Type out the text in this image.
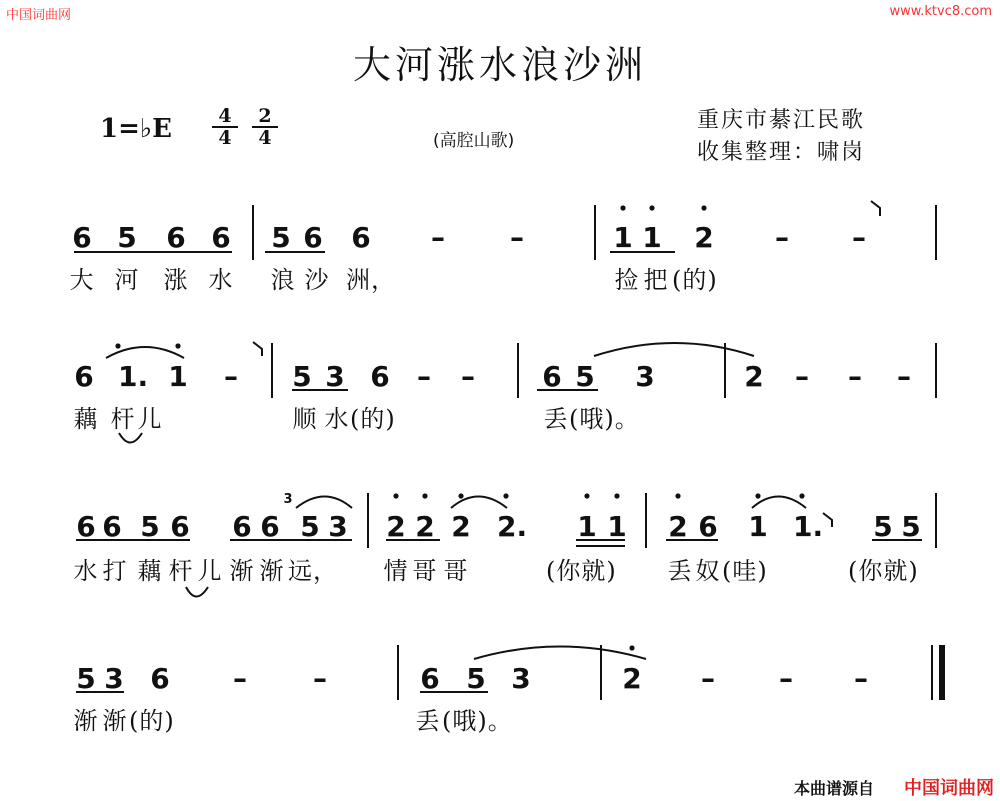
中国词曲网	www.ktvc8.com
大河涨水浪沙洲
1=♭E $\frac{4}{4} \frac{2}{4}$	(高腔山歌)
重庆市綦江民歌
收集整理：啸岗
6 5 6 6 5 6 6 – –	1 1 2 – –
大 河 涨 水 浪 沙 洲，	捡 把 (的)
6 1. 1 – 5 3 6 – – 6 5 3	2 – – –
藕 杆 儿	顺 水 (的)	丢 (哦)。
6 6 5 6 6 6 5 3 2 2 2 2. 1 1 2 6 1 1. 5 5
3
水 打 藕 杆 儿 渐 渐 远， 情 哥 哥	(你就) 丢 奴 (哇)	(你就)
5 3 6 – –	6 5 3	2 – – –
渐 渐 (的)	丢 (哦)。
本曲谱源自 中国词曲网
